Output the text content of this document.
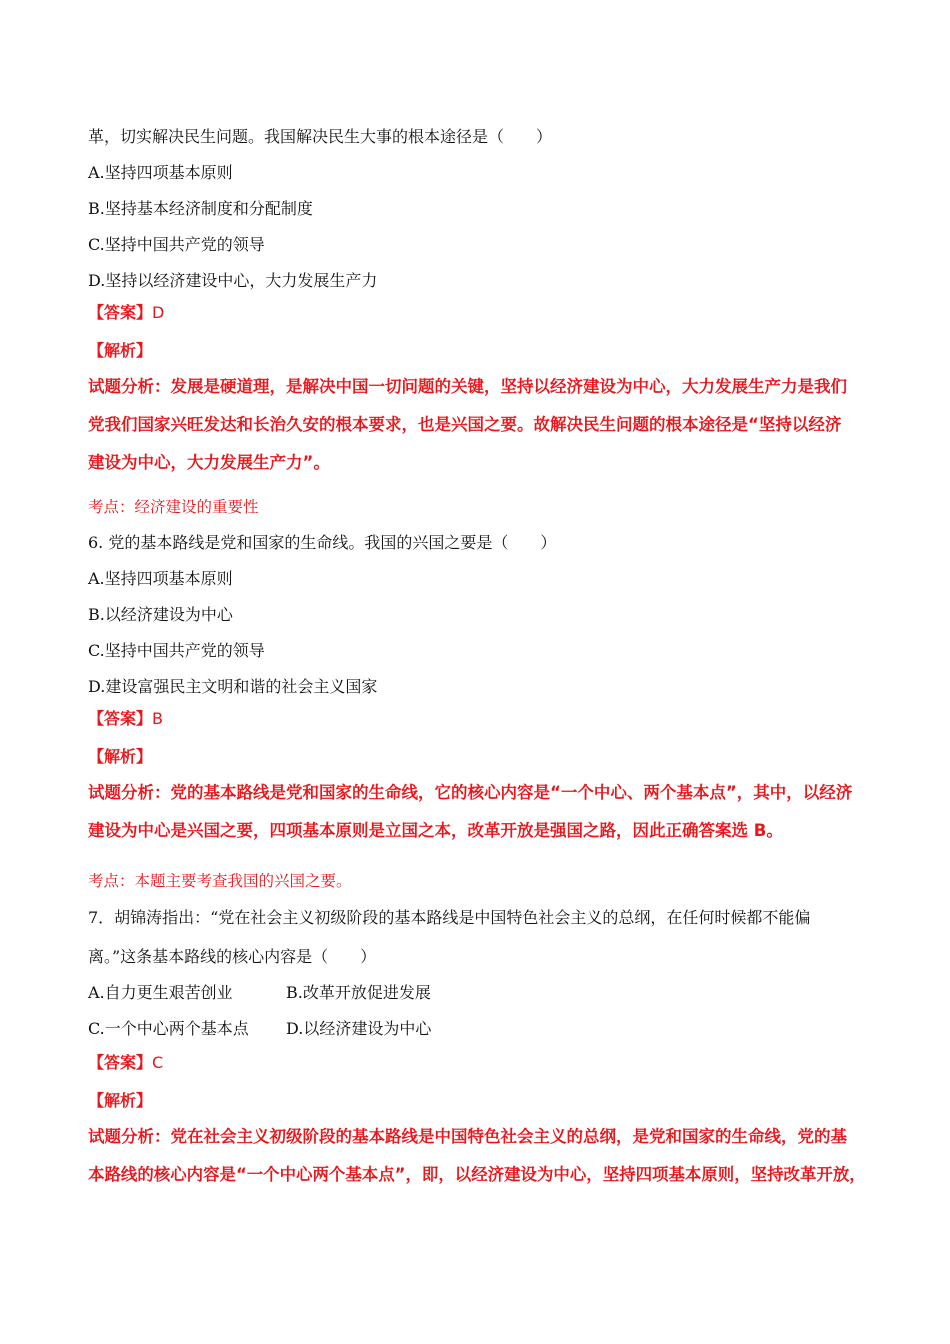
革，切实解决民生问题。我国解决民生大事的根本途径是（　　）
A.坚持四项基本原则
B.坚持基本经济制度和分配制度
C.坚持中国共产党的领导
D.坚持以经济建设中心，大力发展生产力
【答案】D
【解析】
试题分析：发展是硬道理，是解决中国一切问题的关键，坚持以经济建设为中心，大力发展生产力是我们
党我们国家兴旺发达和长治久安的根本要求，也是兴国之要。故解决民生问题的根本途径是“坚持以经济
建设为中心，大力发展生产力”。
考点：经济建设的重要性
6. 党的基本路线是党和国家的生命线。我国的兴国之要是（　　）
A.坚持四项基本原则
B.以经济建设为中心
C.坚持中国共产党的领导
D.建设富强民主文明和谐的社会主义国家
【答案】B
【解析】
试题分析：党的基本路线是党和国家的生命线，它的核心内容是“一个中心、两个基本点”，其中，以经济
建设为中心是兴国之要，四项基本原则是立国之本，改革开放是强国之路，因此正确答案选 B。
考点：本题主要考查我国的兴国之要。
7．胡锦涛指出：“党在社会主义初级阶段的基本路线是中国特色社会主义的总纲，在任何时候都不能偏
离。”这条基本路线的核心内容是（　　）
A.自力更生艰苦创业	B.改革开放促进发展
C.一个中心两个基本点 D.以经济建设为中心
【答案】C
【解析】
试题分析：党在社会主义初级阶段的基本路线是中国特色社会主义的总纲，是党和国家的生命线，党的基
本路线的核心内容是“一个中心两个基本点”，即，以经济建设为中心，坚持四项基本原则，坚持改革开放，
